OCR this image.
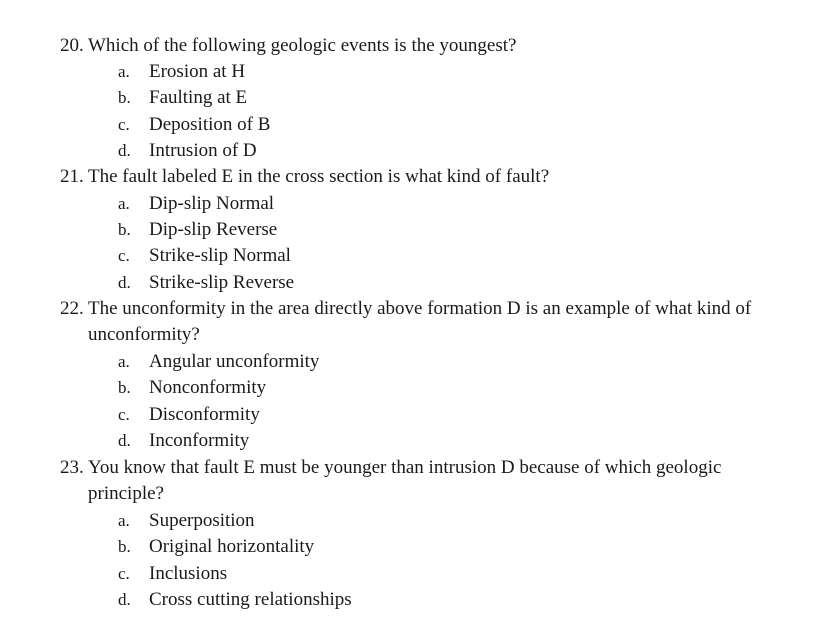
20. Which of the following geologic events is the youngest?
a. Erosion at H
b. Faulting at E
c. Deposition of B
d. Intrusion of D
21. The fault labeled E in the cross section is what kind of fault?
a. Dip-slip Normal
b. Dip-slip Reverse
c. Strike-slip Normal
d. Strike-slip Reverse
22. The unconformity in the area directly above formation D is an example of what kind of unconformity?
a. Angular unconformity
b. Nonconformity
c. Disconformity
d. Inconformity
23. You know that fault E must be younger than intrusion D because of which geologic principle?
a. Superposition
b. Original horizontality
c. Inclusions
d. Cross cutting relationships
